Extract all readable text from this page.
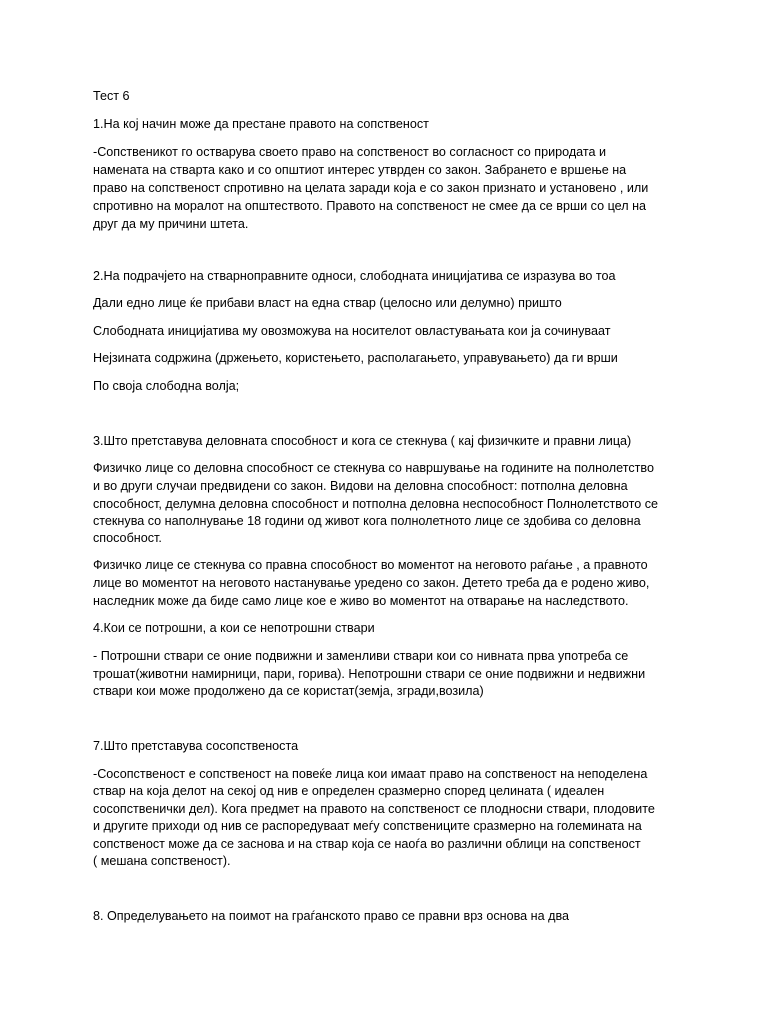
Тест 6
1.На кој начин може да престане правото на сопственост
-Сопственикот го остварува своето право на сопственост во согласност со природата и
намената на ствaрта како и со општиот интерес утврден со закон. Забрането е вршење на
право на сопственост спротивно на целата заради која е со закон признато и установено , или
спротивно на моралот на општеството. Правото на сопственост не смее да се врши со цел на
друг да му причини штета.
2.На подрачјето на стварноправните односи, слободната иницијатива се изразува во тоа
Дали едно лице ќе прибави власт на една ствар (целосно или делумно) пришто
Слободната иницијатива му овозможува на носителот овластувањата кои ја сочинуваат
Нејзината содржина (држењето, користењето, располагањето, управувањето) да ги врши
По своја слободна волја;
3.Што претставува деловната способност и кога се стекнува ( кај физичките и правни лица)
Физичко лице со деловна способност се стекнува со навршување на годините на полнолетство
и во други случаи предвидени со закон. Видови на деловна способност: потполна деловна
способност, делумна деловна способност и потполна деловна неспособност Полнолетството се
стекнува со наполнување 18 години од живот кога полнолетното лице се здобива со деловна
способност.
Физичко лице се стекнува со правна способност во моментот на неговото раѓање , а правното
лице во моментот на неговото настанување уредено со закон. Детето треба да е родено живо,
наследник може да биде само лице кое е живо во моментот на отварање на наследството.
4.Кои се потрошни, а кои се непотрошни ствари
- Потрошни ствари се оние подвижни и заменливи ствари кои со нивната прва употреба се
трошат(животни намирници, пари, горива). Непотрошни ствари се оние подвижни и недвижни
ствари кои може продолжено да се користат(земја, згради,возила)
7.Што претставува сосопственоста
-Сосопственост е сопственост на повеќе лица кои имаат право на сопственост на неподелена
ствар на која делот на секој од нив е определен сразмерно според целината ( идеален
сосопственички дел). Кога предмет на правото на сопственост се плодносни ствари, плодовите
и другите приходи од нив се распоредуваат меѓу сопствениците сразмерно на големината на
сопственост може да се заснова и на ствар која се наоѓа во различни облици на сопственост
( мешана сопственост).
8. Определувањето на поимот на граѓанското право се правни врз основа на два
